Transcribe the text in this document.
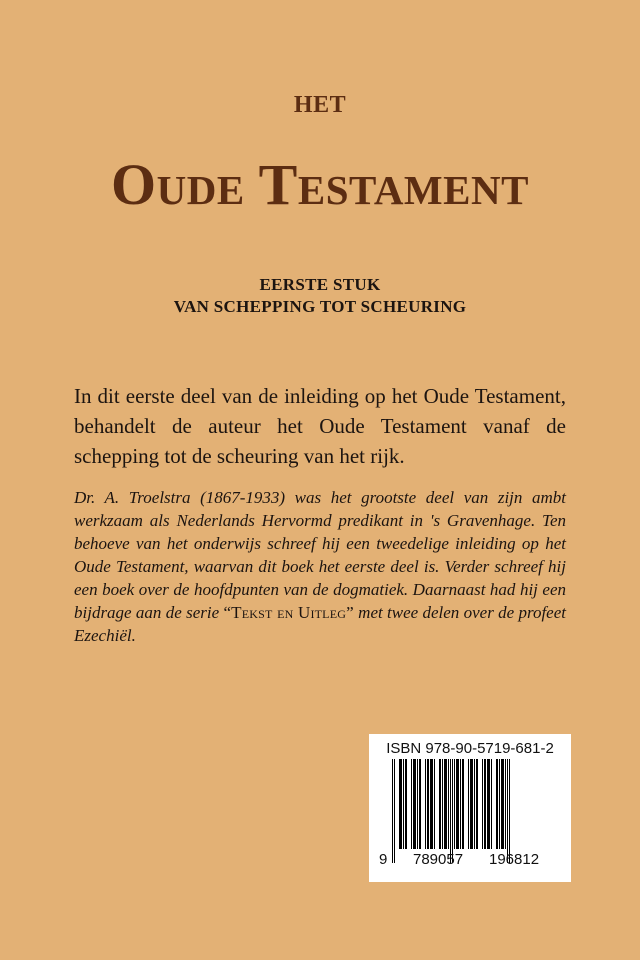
HET
Oude Testament
EERSTE STUK
VAN SCHEPPING TOT SCHEURING
In dit eerste deel van de inleiding op het Oude Testament, behandelt de auteur het Oude Testament vanaf de schepping tot de scheuring van het rijk.
Dr. A. Troelstra (1867-1933) was het grootste deel van zijn ambt werkzaam als Nederlands Hervormd predikant in 's Gravenhage. Ten behoeve van het onderwijs schreef hij een tweedelige inleiding op het Oude Testament, waarvan dit boek het eerste deel is. Verder schreef hij een boek over de hoofdpunten van de dogmatiek. Daarnaast had hij een bijdrage aan de serie “Tekst en Uitleg” met twee delen over de profeet Ezechiël.
ISBN 978-90-5719-681-2
9 789057 196812
